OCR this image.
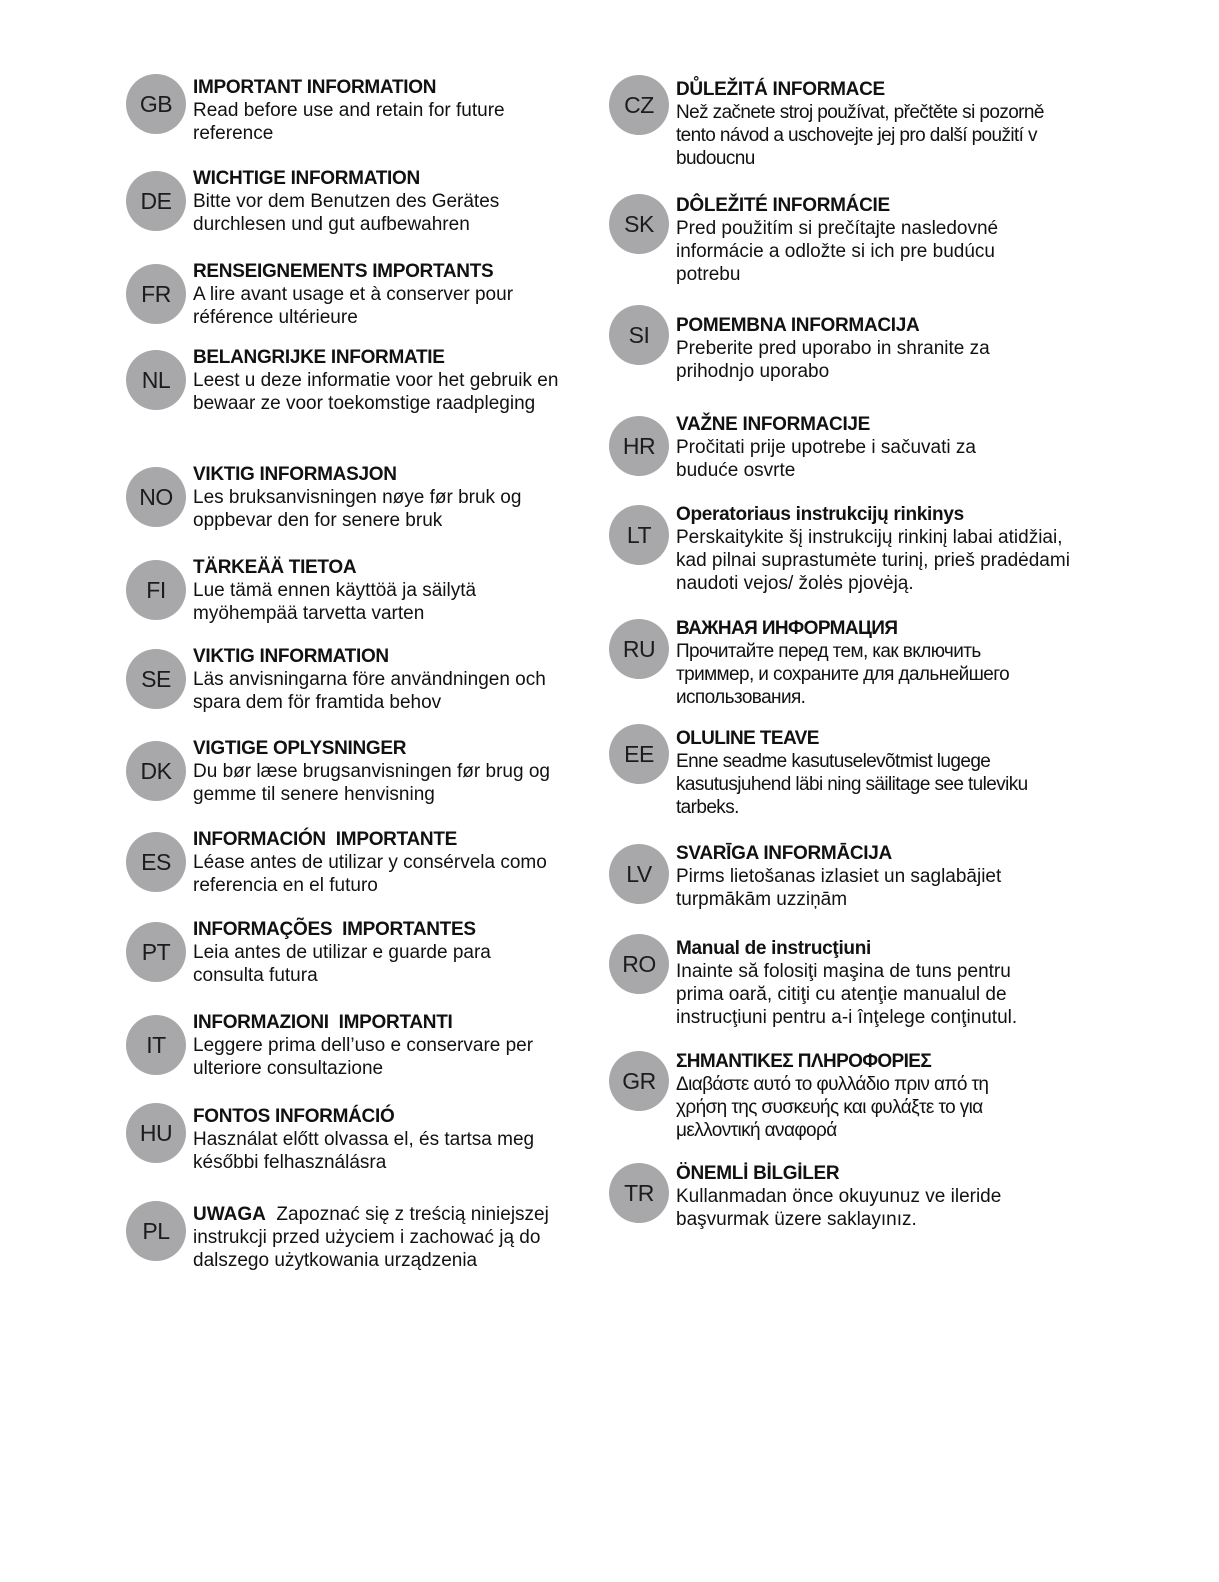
GB
IMPORTANT INFORMATION
Read before use and retain for future reference
DE
WICHTIGE INFORMATION
Bitte vor dem Benutzen des Gerätes durchlesen und gut aufbewahren
FR
RENSEIGNEMENTS IMPORTANTS
A lire avant usage et à conserver pour référence ultérieure
NL
BELANGRIJKE INFORMATIE
Leest u deze informatie voor het gebruik en bewaar ze voor toekomstige raadpleging
NO
VIKTIG INFORMASJON
Les bruksanvisningen nøye før bruk og oppbevar den for senere bruk
FI
TÄRKEÄÄ TIETOA
Lue tämä ennen käyttöä ja säilytä myöhempää tarvetta varten
SE
VIKTIG INFORMATION
Läs anvisningarna före användningen och spara dem för framtida behov
DK
VIGTIGE OPLYSNINGER
Du bør læse brugsanvisningen før brug og gemme til senere henvisning
ES
INFORMACIÓN  IMPORTANTE
Léase antes de utilizar y consérvela como referencia en el futuro
PT
INFORMAÇÕES  IMPORTANTES
Leia antes de utilizar e guarde para consulta futura
IT
INFORMAZIONI  IMPORTANTI
Leggere prima dell’uso e conservare per ulteriore consultazione
HU
FONTOS INFORMÁCIÓ
Használat előtt olvassa el, és tartsa meg későbbi felhasználásra
PL
UWAGA Zapoznać się z treścią niniejszej instrukcji przed użyciem i zachować ją do dalszego użytkowania urządzenia
CZ
DŮLEŽITÁ INFORMACE
Než začnete stroj používat, přečtěte si pozorně tento návod a uschovejte jej pro další použití v budoucnu
SK
DÔLEŽITÉ INFORMÁCIE
Pred použitím si prečítajte nasledovné informácie a odložte si ich pre budúcu potrebu
SI	POMEMBNA INFORMACIJA
Preberite pred uporabo in shranite za prihodnjo uporabo
HR
VAŽNE INFORMACIJE
Pročitati prije upotrebe i sačuvati za buduće osvrte
LT
Operatoriaus instrukcijų rinkinys
Perskaitykite šį instrukcijų rinkinį labai atidžiai, kad pilnai suprastumėte turinį, prieš pradėdami naudoti vejos/ žolės pjovėją.
RU
ВАЖНАЯ ИНФОРМАЦИЯ
Прочитайте перед тем, как включить триммер, и сохраните для дальнейшего использования.
EE
OLULINE TEAVE
Enne seadme kasutuselevõtmist lugege kasutusjuhend läbi ning säilitage see tuleviku tarbeks.
LV
SVARĪGA INFORMĀCIJA
Pirms lietošanas izlasiet un saglabājiet turpmākām uzziņām
RO
Manual de instrucţiuni
Inainte să folosiţi maşina de tuns pentru prima oară, citiţi cu atenţie manualul de instrucţiuni pentru a-i înţelege conţinutul.
GR
ΣΗΜΑΝΤΙΚΕΣ ΠΛΗΡΟΦΟΡΙΕΣ
Διαβάστε αυτό το φυλλάδιο πριν από τη χρήση της συσκευής και φυλάξτε το για μελλοντική αναφορά
TR
ÖNEMLİ BİLGİLER
Kullanmadan önce okuyunuz ve ileride başvurmak üzere saklayınız.
